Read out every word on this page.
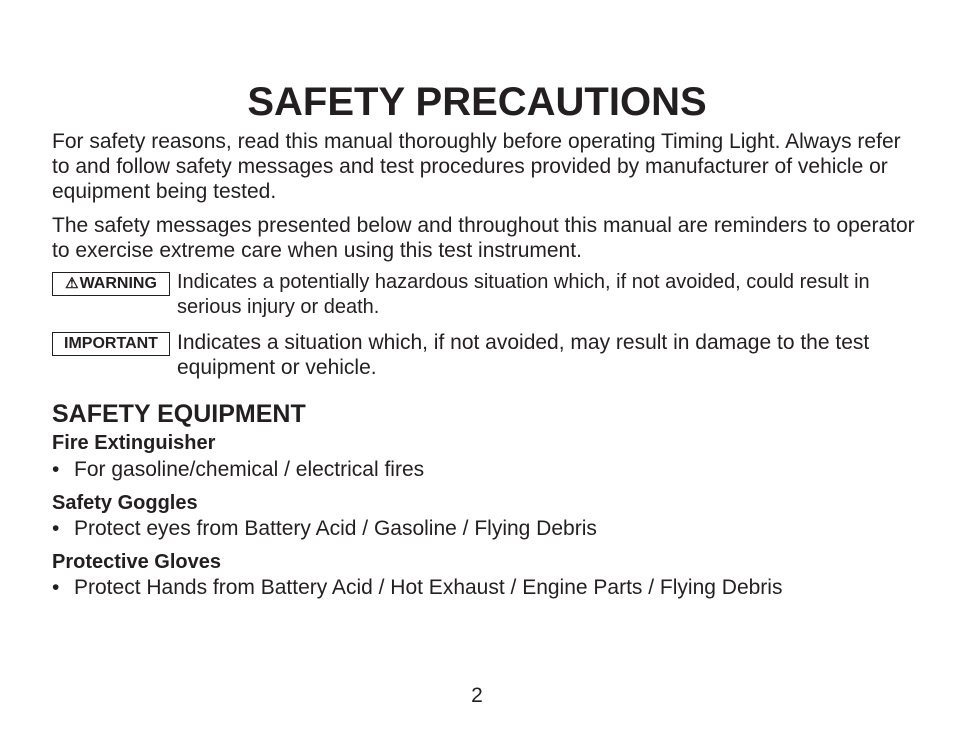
SAFETY PRECAUTIONS

For safety reasons, read this manual thoroughly before operating Timing Light. Always refer to and follow safety messages and test procedures provided by manufacturer of vehicle or equipment being tested.

The safety messages presented below and throughout this manual are reminders to operator to exercise extreme care when using this test instrument.

⚠WARNING	Indicates a potentially hazardous situation which, if not avoided, could result in serious injury or death.

IMPORTANT Indicates a situation which, if not avoided, may result in damage to the test equipment or vehicle.

SAFETY EQUIPMENT
Fire Extinguisher

• For gasoline/chemical / electrical fires

Safety Goggles

• Protect eyes from Battery Acid / Gasoline / Flying Debris

Protective Gloves

• Protect Hands from Battery Acid / Hot Exhaust / Engine Parts / Flying Debris

2
